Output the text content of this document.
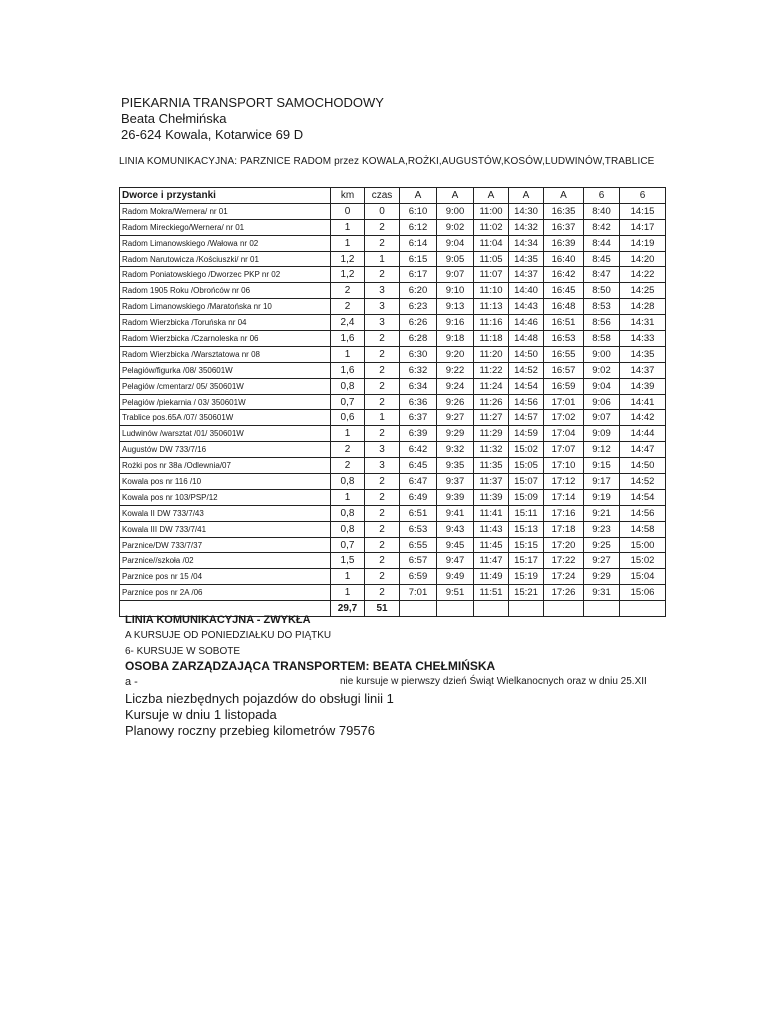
PIEKARNIA TRANSPORT SAMOCHODOWY
Beata Chełmińska
26-624 Kowala, Kotarwice 69 D
LINIA KOMUNIKACYJNA: PARZNICE RADOM przez KOWALA,ROŻKI,AUGUSTÓW,KOSÓW,LUDWINÓW,TRABLICE
Dworce i przystanki	km	czas	A	A	A	A	A	6	6
Radom Mokra/Wernera/ nr 01	0	0	6:10	9:00	11:00	14:30	16:35	8:40	14:15
Radom Mireckiego/Wernera/ nr 01	1	2	6:12	9:02	11:02	14:32	16:37	8:42	14:17
Radom Limanowskiego /Wałowa nr 02	1	2	6:14	9:04	11:04	14:34	16:39	8:44	14:19
Radom Narutowicza /Kościuszki/ nr 01	1,2	1	6:15	9:05	11:05	14:35	16:40	8:45	14:20
Radom Poniatowskiego /Dworzec PKP nr 02	1,2	2	6:17	9:07	11:07	14:37	16:42	8:47	14:22
Radom 1905 Roku /Obrońców nr 06	2	3	6:20	9:10	11:10	14:40	16:45	8:50	14:25
Radom Limanowskiego /Maratońska nr 10	2	3	6:23	9:13	11:13	14:43	16:48	8:53	14:28
Radom Wierzbicka /Toruńska nr 04	2,4	3	6:26	9:16	11:16	14:46	16:51	8:56	14:31
Radom Wierzbicka /Czarnoleska nr 06	1,6	2	6:28	9:18	11:18	14:48	16:53	8:58	14:33
Radom Wierzbicka /Warsztatowa nr 08	1	2	6:30	9:20	11:20	14:50	16:55	9:00	14:35
Pelagiów/figurka /08/ 350601W	1,6	2	6:32	9:22	11:22	14:52	16:57	9:02	14:37
Pelagiów /cmentarz/ 05/ 350601W	0,8	2	6:34	9:24	11:24	14:54	16:59	9:04	14:39
Pelagiów /piekarnia / 03/ 350601W	0,7	2	6:36	9:26	11:26	14:56	17:01	9:06	14:41
Trablice pos.65A /07/ 350601W	0,6	1	6:37	9:27	11:27	14:57	17:02	9:07	14:42
Ludwinów /warsztat /01/ 350601W	1	2	6:39	9:29	11:29	14:59	17:04	9:09	14:44
Augustów DW 733/7/16	2	3	6:42	9:32	11:32	15:02	17:07	9:12	14:47
Rożki pos nr 38a /Odlewnia/07	2	3	6:45	9:35	11:35	15:05	17:10	9:15	14:50
Kowala pos nr 116 /10	0,8	2	6:47	9:37	11:37	15:07	17:12	9:17	14:52
Kowala pos nr 103/PSP/12	1	2	6:49	9:39	11:39	15:09	17:14	9:19	14:54
Kowala II DW 733/7/43	0,8	2	6:51	9:41	11:41	15:11	17:16	9:21	14:56
Kowala III DW 733/7/41	0,8	2	6:53	9:43	11:43	15:13	17:18	9:23	14:58
Parznice/DW 733/7/37	0,7	2	6:55	9:45	11:45	15:15	17:20	9:25	15:00
Parznice//szkoła /02	1,5	2	6:57	9:47	11:47	15:17	17:22	9:27	15:02
Parznice pos nr 15 /04	1	2	6:59	9:49	11:49	15:19	17:24	9:29	15:04
Parznice pos nr 2A /06	1	2	7:01	9:51	11:51	15:21	17:26	9:31	15:06
	29,7	51							
LINIA KOMUNIKACYJNA - ZWYKŁA
A KURSUJE OD PONIEDZIAŁKU DO PIĄTKU
6- KURSUJE W SOBOTE
OSOBA ZARZĄDZAJĄCA TRANSPORTEM: BEATA CHEŁMIŃSKA
a -	nie kursuje w pierwszy dzień Świąt Wielkanocnych oraz w dniu 25.XII
Liczba niezbędnych pojazdów do obsługi linii 1
Kursuje w dniu 1 listopada
Planowy roczny przebieg kilometrów 79576
